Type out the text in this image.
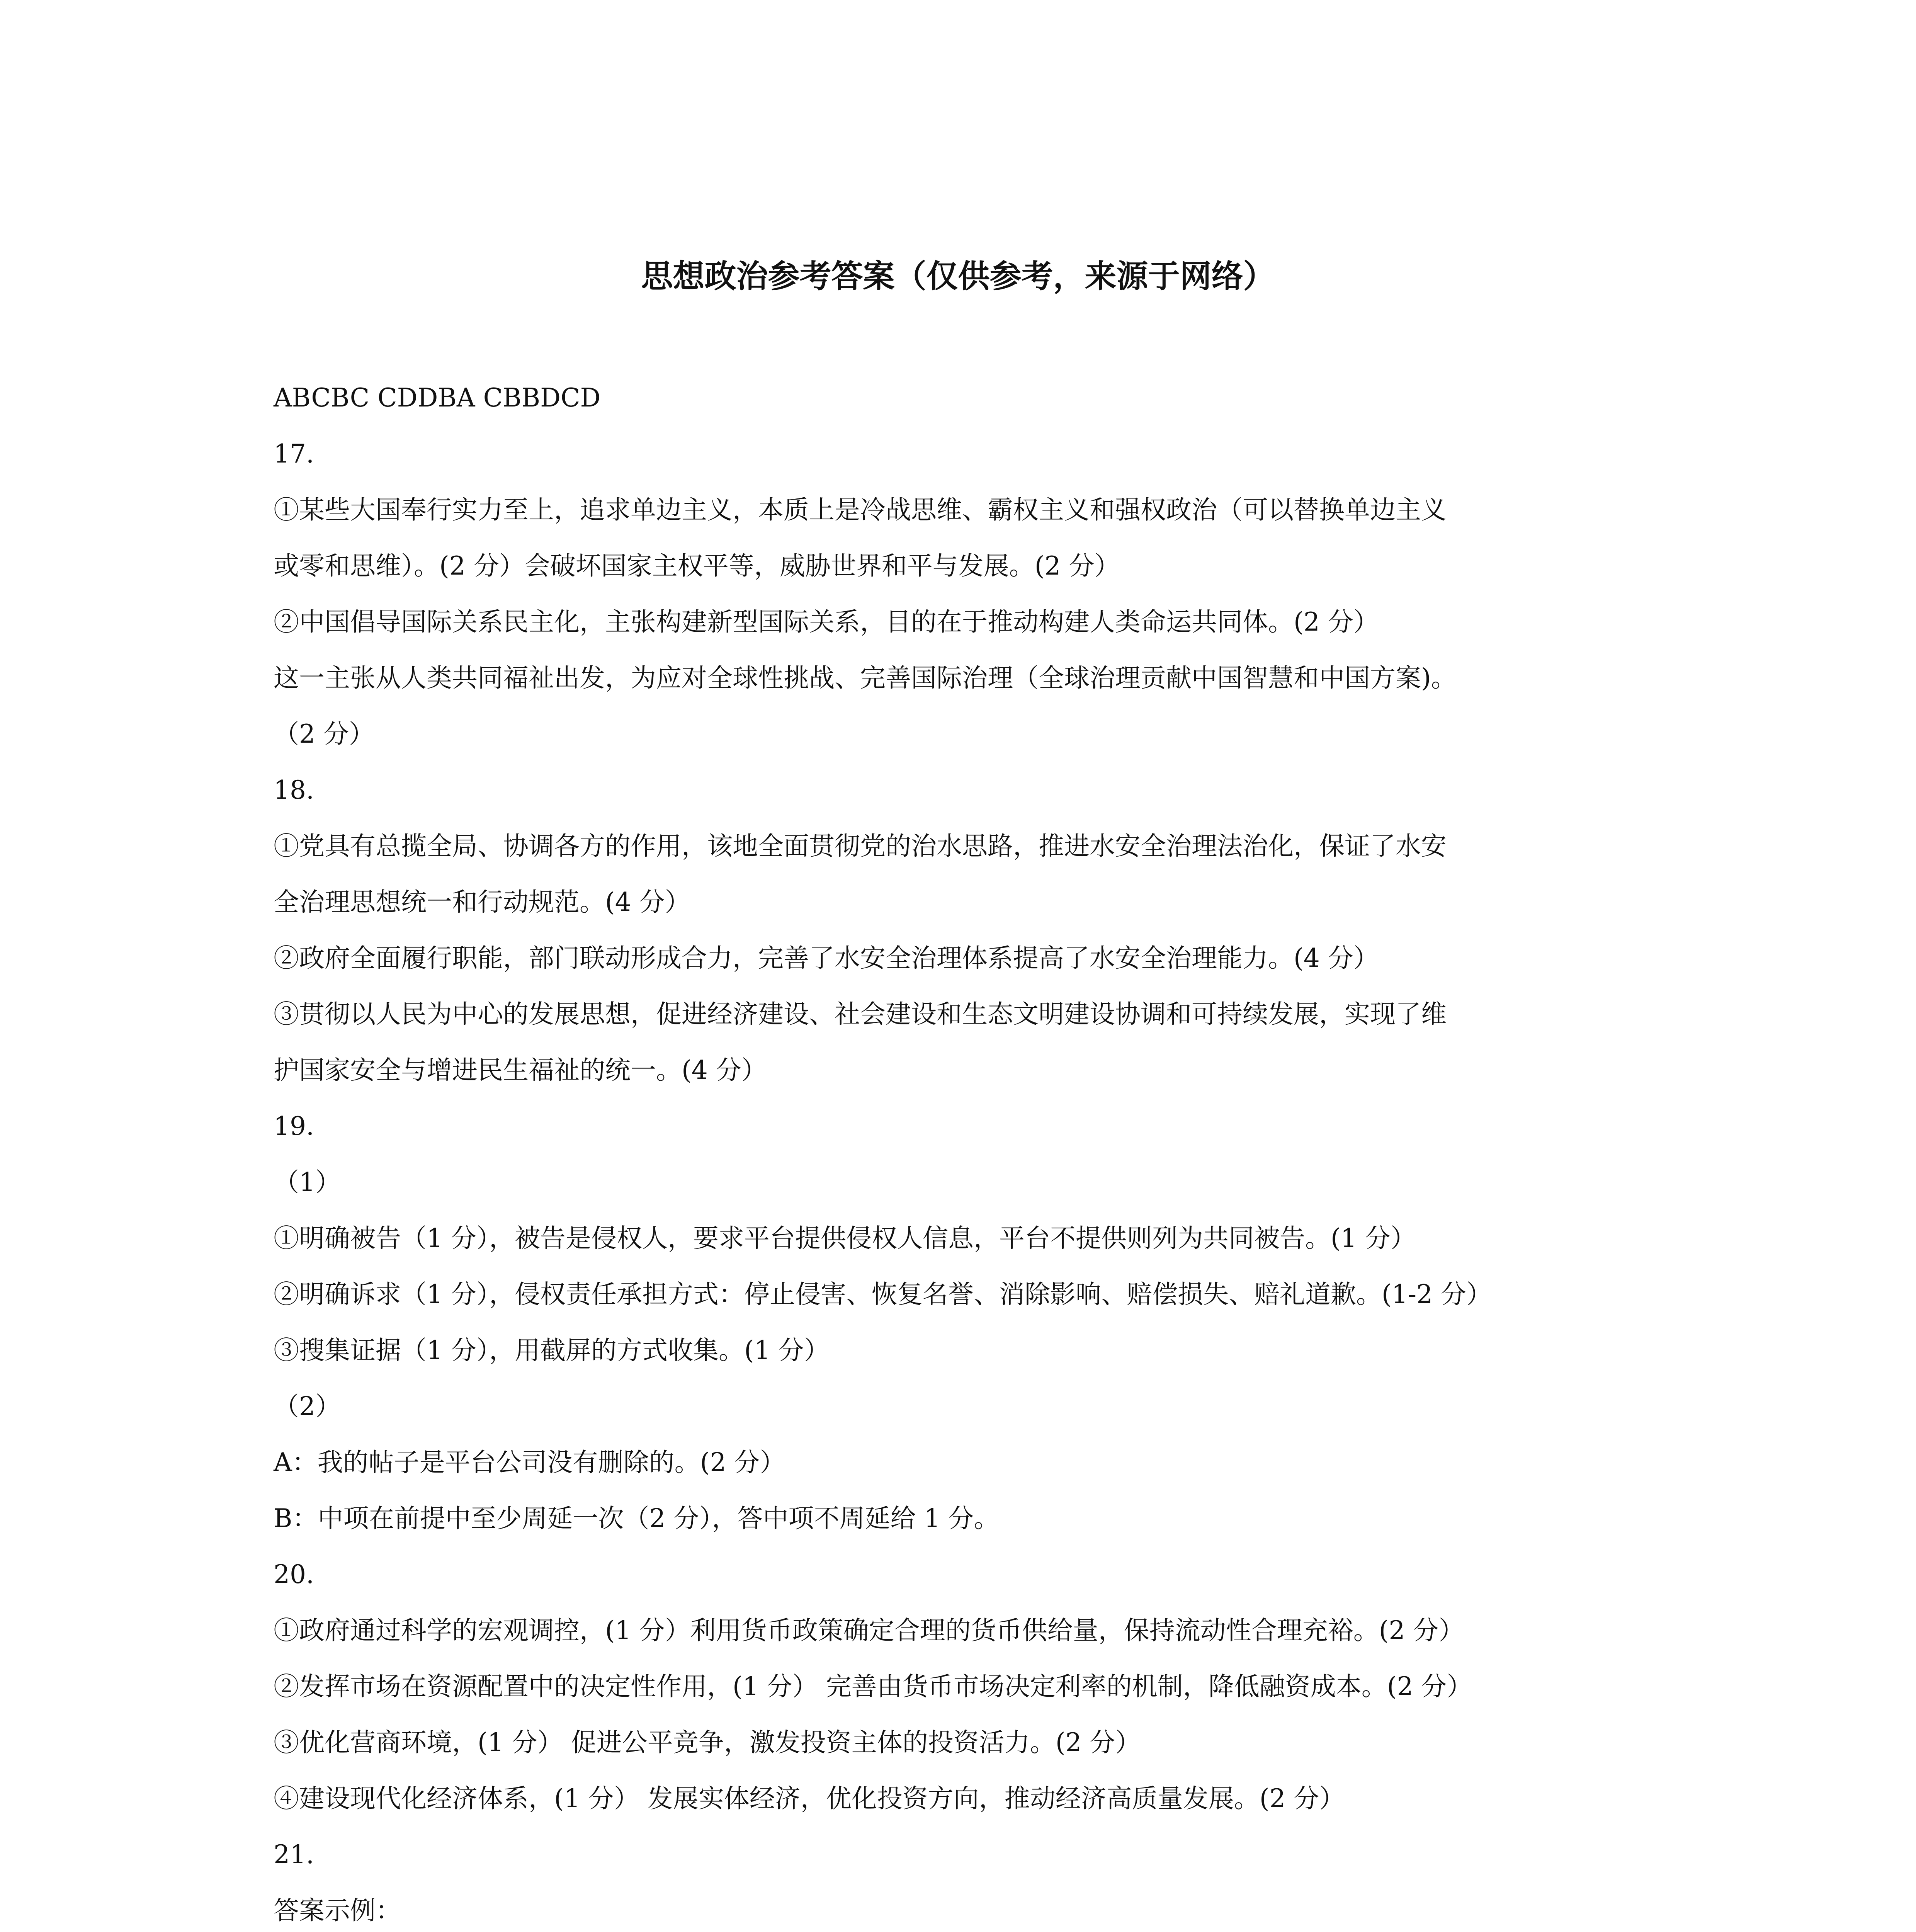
思想政治参考答案（仅供参考，来源于网络）
ABCBC CDDBA CBBDCD
17.
①某些大国奉行实力至上，追求单边主义，本质上是冷战思维、霸权主义和强权政治（可以替换单边主义
或零和思维）。(2 分）会破坏国家主权平等，威胁世界和平与发展。(2 分）
②中国倡导国际关系民主化，主张构建新型国际关系，目的在于推动构建人类命运共同体。(2 分）
这一主张从人类共同福祉出发，为应对全球性挑战、完善国际治理（全球治理贡献中国智慧和中国方案)。
（2 分）
18.
①党具有总揽全局、协调各方的作用，该地全面贯彻党的治水思路，推进水安全治理法治化，保证了水安
全治理思想统一和行动规范。(4 分）
②政府全面履行职能，部门联动形成合力，完善了水安全治理体系提高了水安全治理能力。(4 分）
③贯彻以人民为中心的发展思想，促进经济建设、社会建设和生态文明建设协调和可持续发展，实现了维
护国家安全与增进民生福祉的统一。(4 分）
19.
（1）
①明确被告（1 分），被告是侵权人，要求平台提供侵权人信息，平台不提供则列为共同被告。(1 分）
②明确诉求（1 分），侵权责任承担方式：停止侵害、恢复名誉、消除影响、赔偿损失、赔礼道歉。(1-2 分）
③搜集证据（1 分），用截屏的方式收集。(1 分）
（2）
A：我的帖子是平台公司没有删除的。(2 分）
B：中项在前提中至少周延一次（2 分），答中项不周延给 1 分。
20.
①政府通过科学的宏观调控，(1 分）利用货币政策确定合理的货币供给量，保持流动性合理充裕。(2 分）
②发挥市场在资源配置中的决定性作用，(1 分） 完善由货币市场决定利率的机制，降低融资成本。(2 分）
③优化营商环境，(1 分） 促进公平竞争，激发投资主体的投资活力。(2 分）
④建设现代化经济体系，(1 分） 发展实体经济，优化投资方向，推动经济高质量发展。(2 分）
21.
答案示例：
